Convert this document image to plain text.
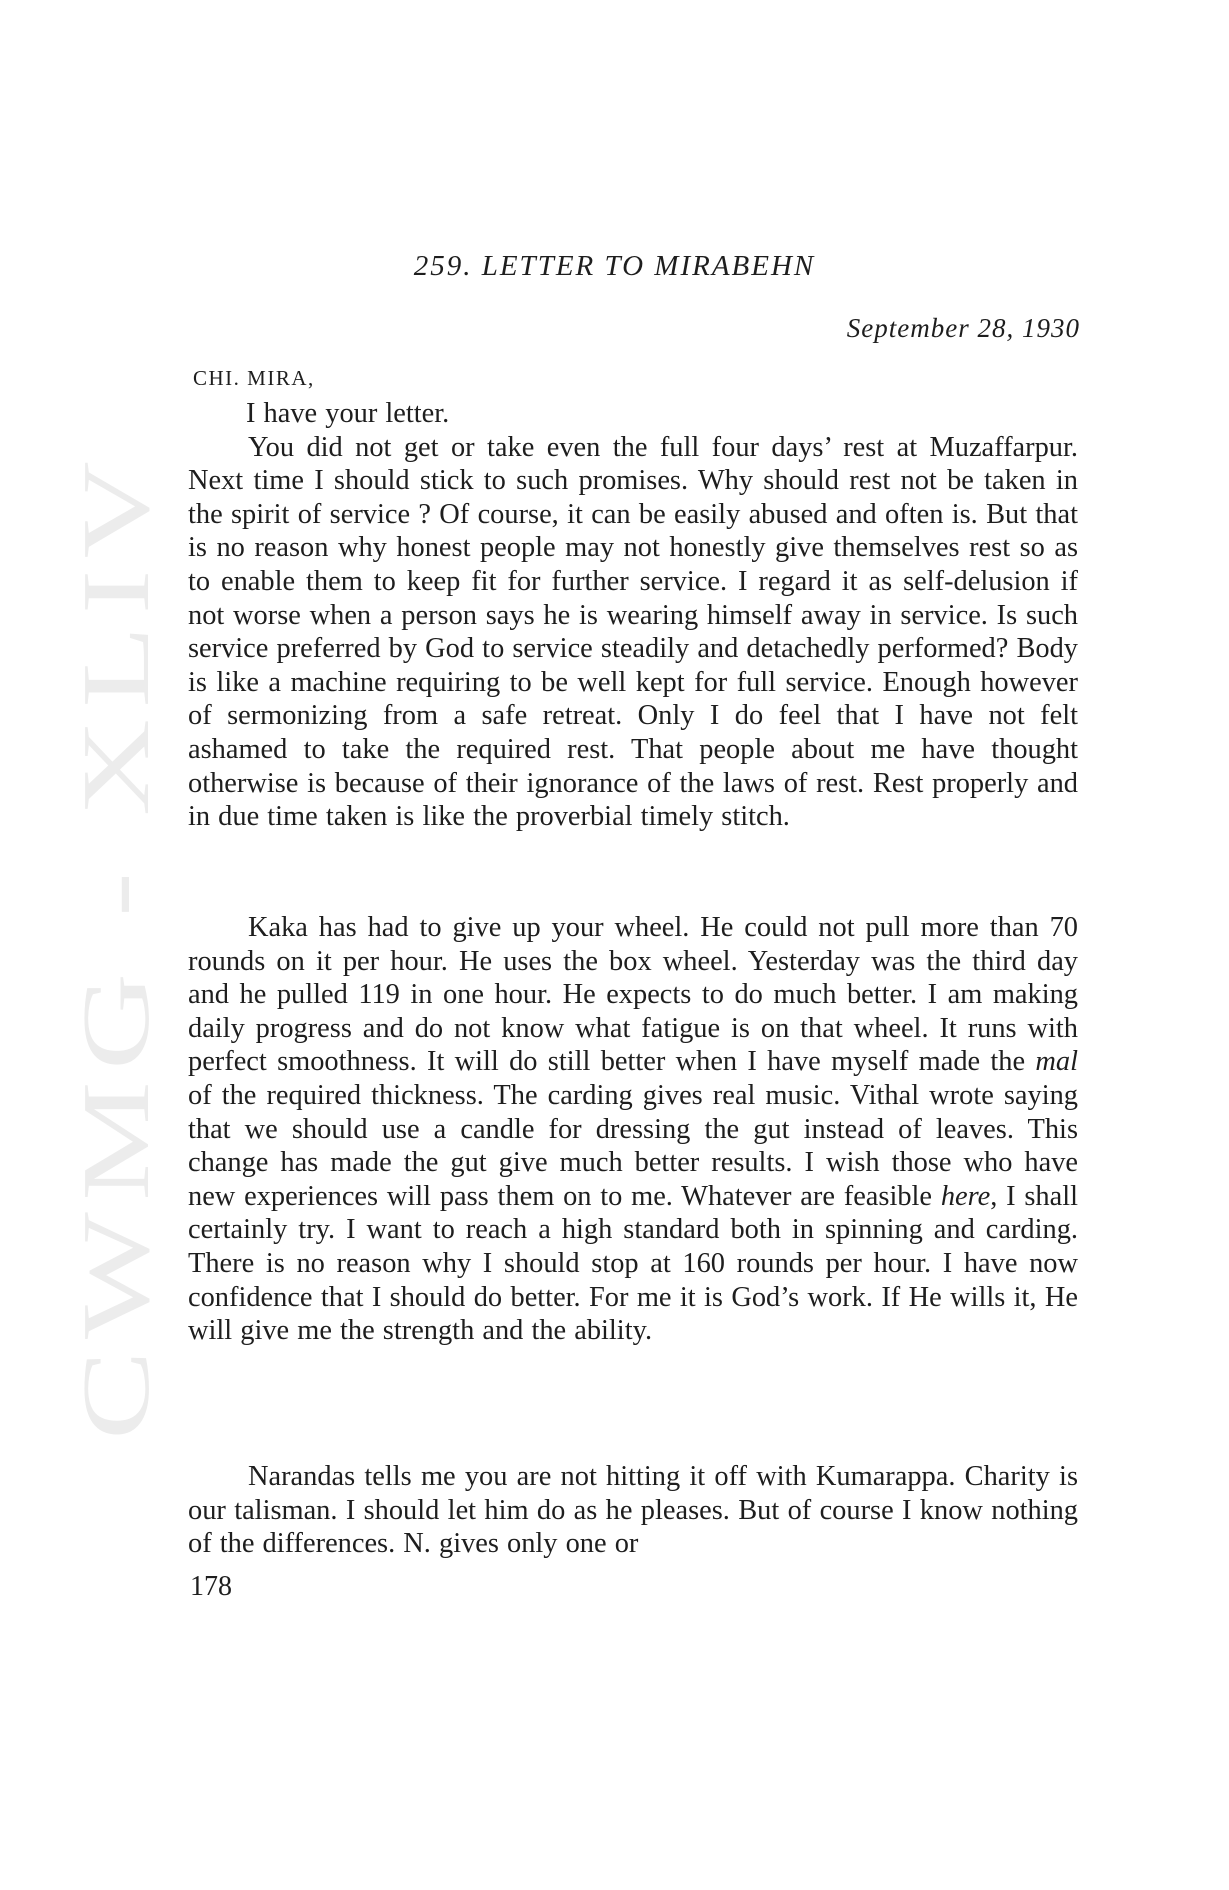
CWMG - XLIV
259. LETTER TO MIRABEHN
September 28, 1930
CHI. MIRA,

I have your letter.

You did not get or take even the full four days’ rest at Muzaffarpur. Next time I should stick to such promises. Why should rest not be taken in the spirit of service ? Of course, it can be easily abused and often is. But that is no reason why honest people may not honestly give themselves rest so as to enable them to keep fit for further service. I regard it as self-delusion if not worse when a person says he is wearing himself away in service. Is such service preferred by God to service steadily and detachedly performed? Body is like a machine requiring to be well kept for full service. Enough however of sermonizing from a safe retreat. Only I do feel that I have not felt ashamed to take the required rest. That people about me have thought otherwise is because of their ignorance of the laws of rest. Rest properly and in due time taken is like the proverbial timely stitch.

Kaka has had to give up your wheel. He could not pull more than 70 rounds on it per hour. He uses the box wheel. Yesterday was the third day and he pulled 119 in one hour. He expects to do much better. I am making daily progress and do not know what fatigue is on that wheel. It runs with perfect smoothness. It will do still better when I have myself made the mal of the required thickness. The carding gives real music. Vithal wrote saying that we should use a candle for dressing the gut instead of leaves. This change has made the gut give much better results. I wish those who have new experiences will pass them on to me. Whatever are feasible here, I shall certainly try. I want to reach a high standard both in spinning and carding. There is no reason why I should stop at 160 rounds per hour. I have now confidence that I should do better. For me it is God’s work. If He wills it, He will give me the strength and the ability.

Narandas tells me you are not hitting it off with Kumarappa. Charity is our talisman. I should let him do as he pleases. But of course I know nothing of the differences. N. gives only one or

178
